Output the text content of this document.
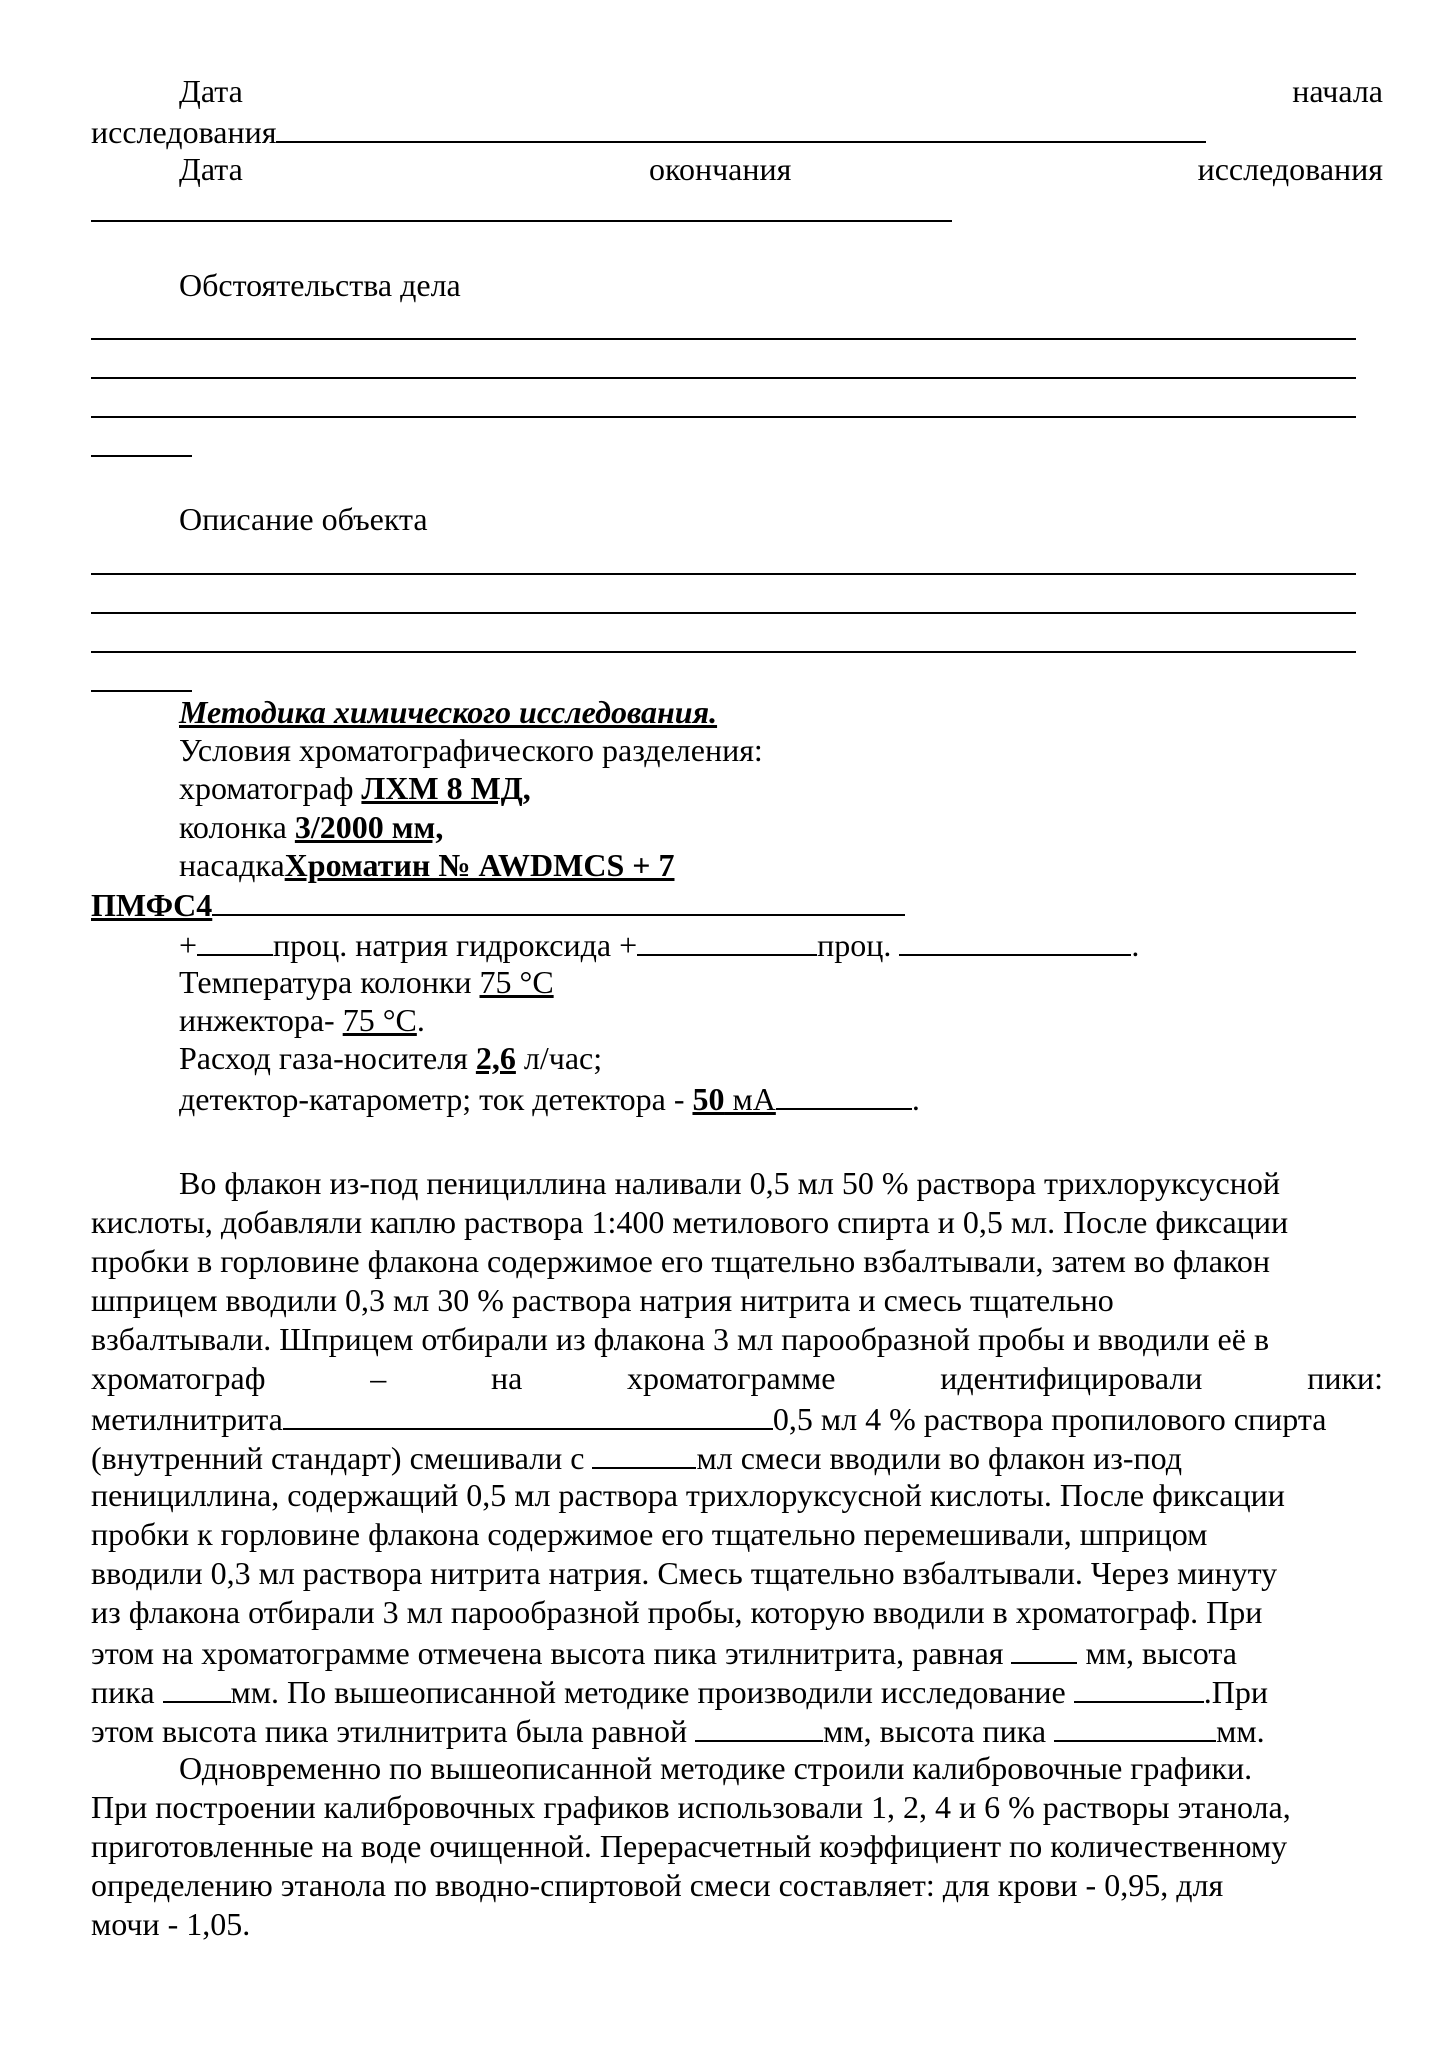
Дата	начала
исследования
Дата	окончания	исследования
Обстоятельства дела
Описание объекта
Методика химического исследования.
Условия хроматографического разделения:
хроматограф ЛХМ 8 МД,
колонка 3/2000 мм,
насадкаХроматин № AWDMCS + 7
ПМФС4
+ проц. натрия гидроксида +	проц.	.
Температура колонки 75 °С
инжектора- 75 °С.
Расход газа-носителя 2,6 л/час;
детектор-катарометр; ток детектора - 50 мА	.
Во флакон из-под пенициллина наливали 0,5 мл 50 % раствора трихлоруксусной
кислоты, добавляли каплю раствора 1:400 метилового спирта и 0,5 мл. После фиксации
пробки в горловине флакона содержимое его тщательно взбалтывали, затем во флакон
шприцем вводили 0,3 мл 30 % раствора натрия нитрита и смесь тщательно
взбалтывали. Шприцем отбирали из флакона 3 мл парообразной пробы и вводили её в
хроматограф	–	на	хроматограмме	идентифицировали	пики:
метилнитрита	0,5 мл 4 % раствора пропилового спирта
(внутренний стандарт) смешивали с	мл смеси вводили во флакон из-под
пенициллина, содержащий 0,5 мл раствора трихлоруксусной кислоты. После фиксации
пробки к горловине флакона содержимое его тщательно перемешивали, шприцом
вводили 0,3 мл раствора нитрита натрия. Смесь тщательно взбалтывали. Через минуту
из флакона отбирали 3 мл парообразной пробы, которую вводили в хроматограф. При
этом на хроматограмме отмечена высота пика этилнитрита, равная  мм, высота
пика мм. По вышеописанной методике производили исследование	.При
этом высота пика этилнитрита была равной	мм, высота пика	мм.
Одновременно по вышеописанной методике строили калибровочные графики.
При построении калибровочных графиков использовали 1, 2, 4 и 6 % растворы этанола,
приготовленные на воде очищенной. Перерасчетный коэффициент по количественному
определению этанола по вводно-спиртовой смеси составляет: для крови - 0,95, для
мочи - 1,05.
